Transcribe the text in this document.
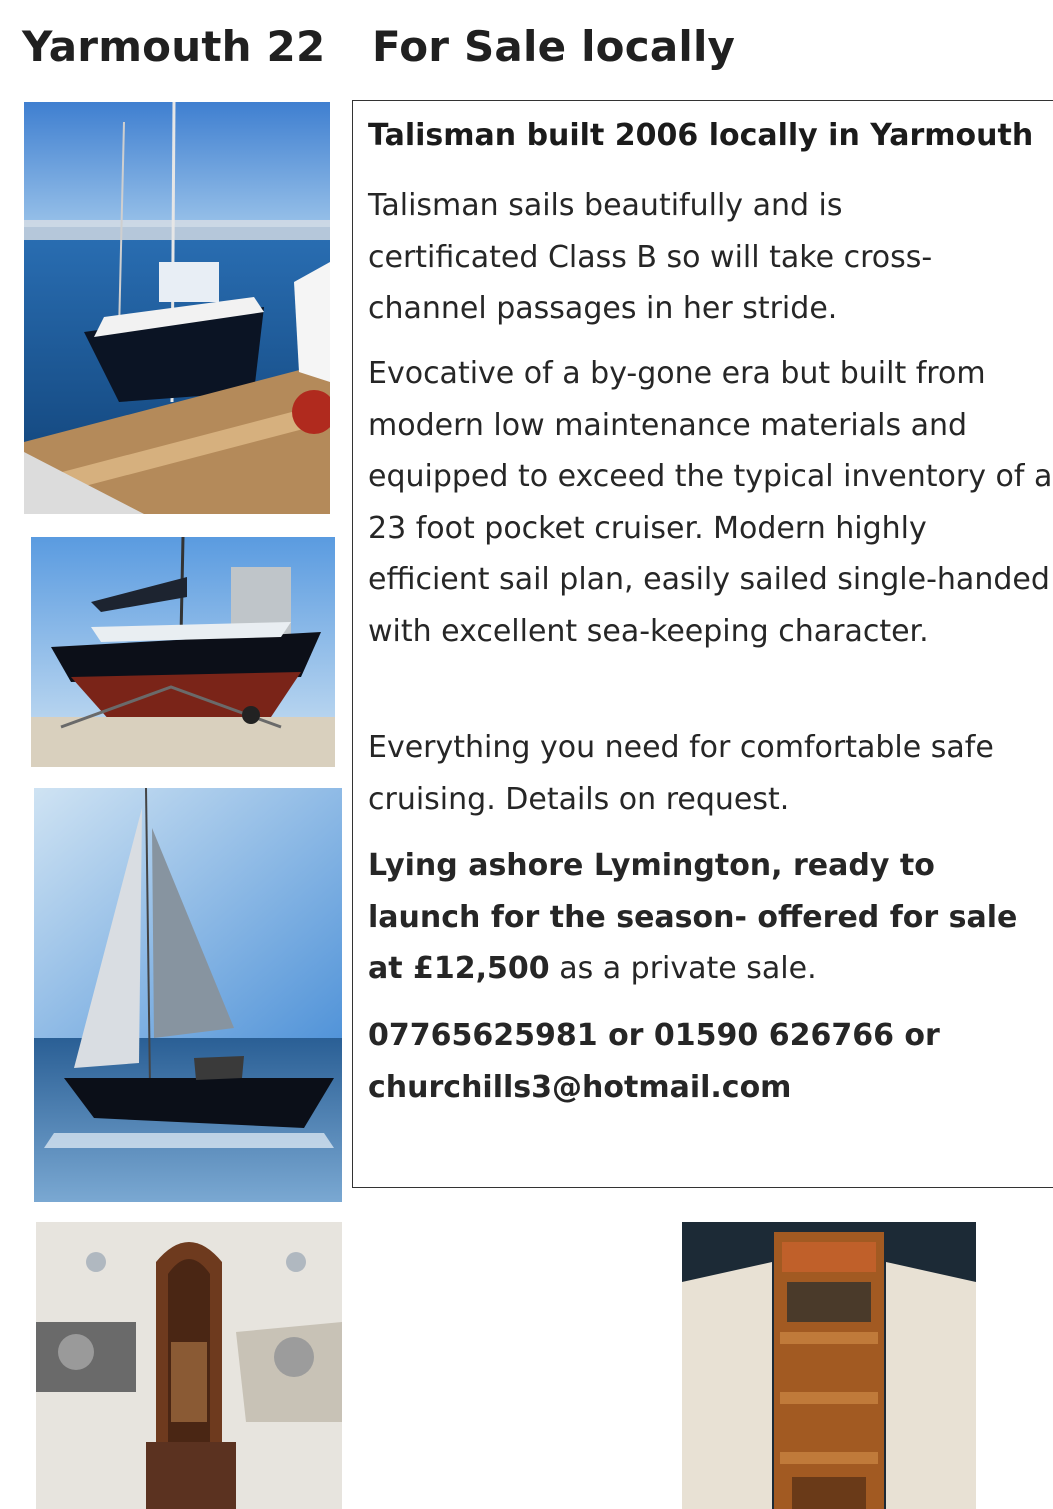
Yarmouth 22 For Sale locally
Talisman built 2006 locally in Yarmouth

Talisman sails beautifully and is certificated Class B so will take cross-channel passages in her stride.

Evocative of a by-gone era but built from modern low maintenance materials and equipped to exceed the typical inventory of a 23 foot pocket cruiser. Modern highly efficient sail plan, easily sailed single-handed with excellent sea-keeping character.

Everything you need for comfortable safe cruising. Details on request.

Lying ashore Lymington, ready to launch for the season- offered for sale at £12,500 as a private sale.

07765625981 or 01590 626766 or
churchills3@hotmail.com
